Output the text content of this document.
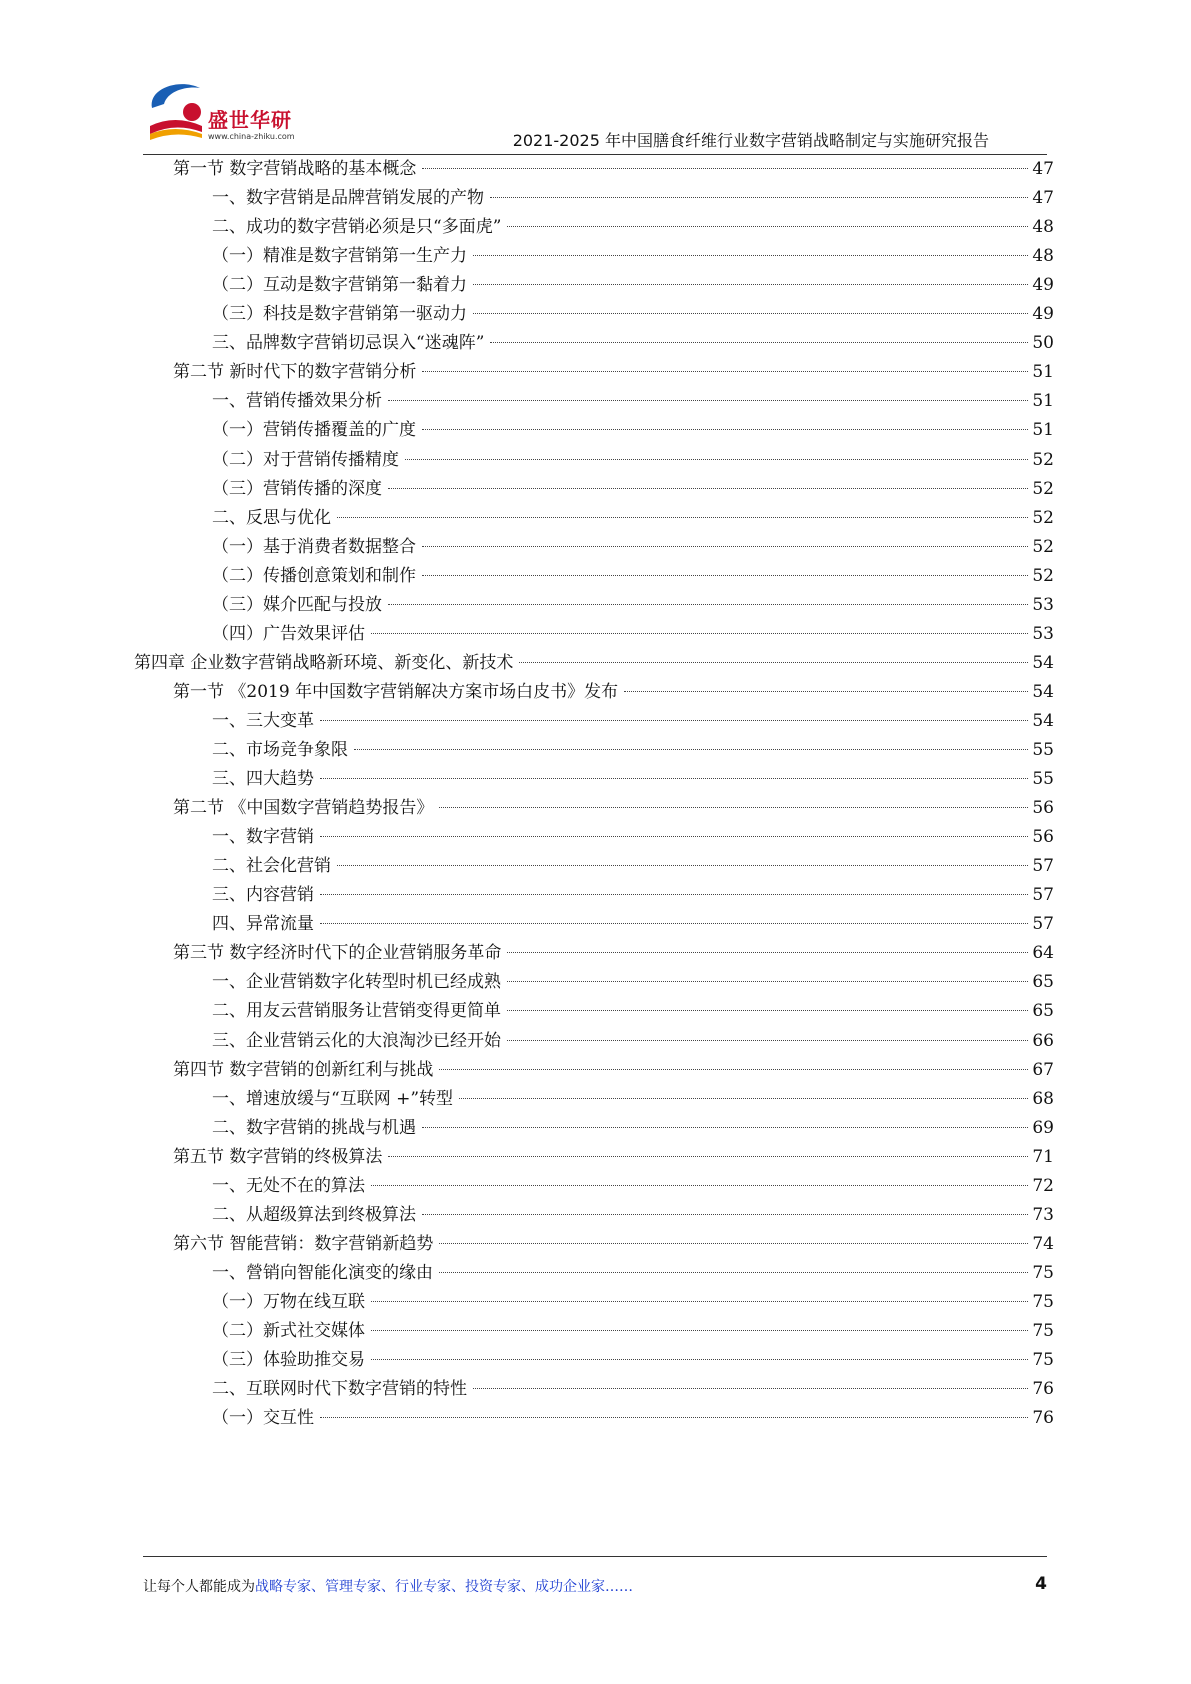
盛世华研
www.china-zhiku.com	2021-2025 年中国膳食纤维行业数字营销战略制定与实施研究报告
第一节 数字营销战略的基本概念	47
一、数字营销是品牌营销发展的产物	47
二、成功的数字营销必须是只“多面虎”	48
（一）精准是数字营销第一生产力	48
（二）互动是数字营销第一黏着力	49
（三）科技是数字营销第一驱动力	49
三、品牌数字营销切忌误入“迷魂阵”	50
第二节 新时代下的数字营销分析	51
一、营销传播效果分析	51
（一）营销传播覆盖的广度	51
（二）对于营销传播精度	52
（三）营销传播的深度	52
二、反思与优化	52
（一）基于消费者数据整合	52
（二）传播创意策划和制作	52
（三）媒介匹配与投放	53
（四）广告效果评估	53
第四章 企业数字营销战略新环境、新变化、新技术	54
第一节 《2019 年中国数字营销解决方案市场白皮书》发布	54
一、三大变革	54
二、市场竞争象限	55
三、四大趋势	55
第二节 《中国数字营销趋势报告》	56
一、数字营销	56
二、社会化营销	57
三、内容营销	57
四、异常流量	57
第三节 数字经济时代下的企业营销服务革命	64
一、企业营销数字化转型时机已经成熟	65
二、用友云营销服务让营销变得更简单	65
三、企业营销云化的大浪淘沙已经开始	66
第四节 数字营销的创新红利与挑战	67
一、增速放缓与“互联网 +”转型	68
二、数字营销的挑战与机遇	69
第五节 数字营销的终极算法	71
一、无处不在的算法	72
二、从超级算法到终极算法	73
第六节 智能营销：数字营销新趋势	74
一、營销向智能化演变的缘由	75
（一）万物在线互联	75
（二）新式社交媒体	75
（三）体验助推交易	75
二、互联网时代下数字营销的特性	76
（一）交互性	76
让每个人都能成为战略专家、管理专家、行业专家、投资专家、成功企业家……	4
